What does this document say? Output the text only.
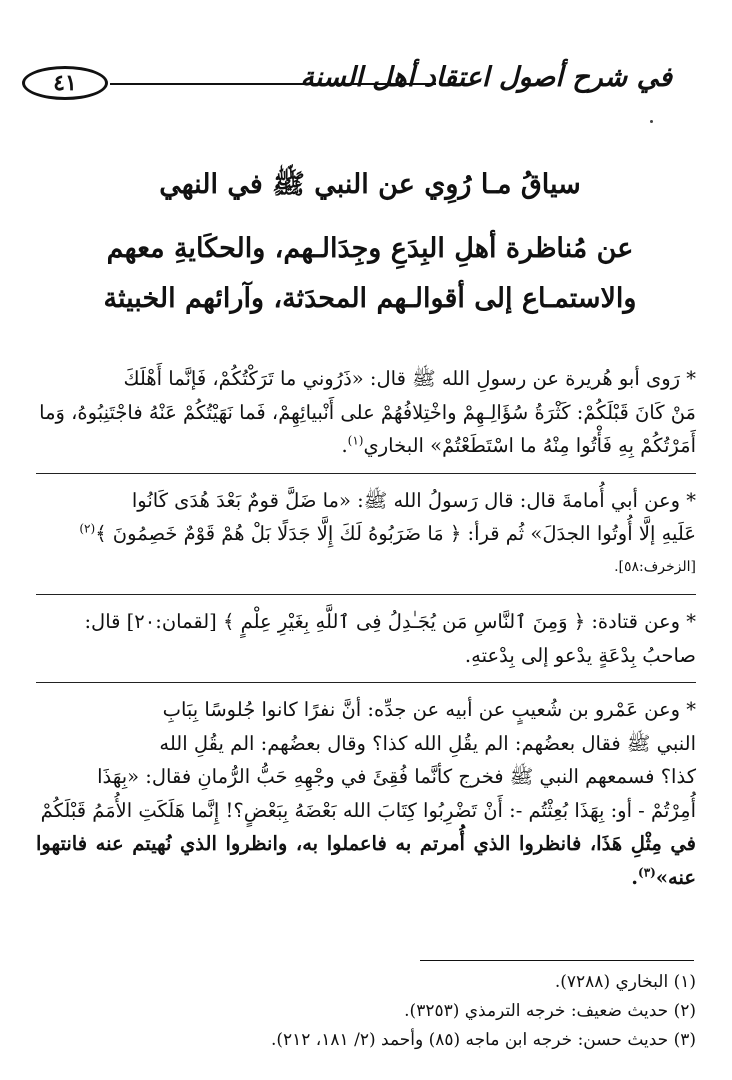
٤١	في شرح أصول اعتقاد أهل السنة
سياقُ مـا رُوِي عن النبي ﷺ في النهي
عن مُناظرة أهلِ البِدَعِ وجِدَالـهم، والحكَايةِ معهم
والاستمـاع إلى أقوالـهم المحدَثة، وآرائهم الخبيثة

* رَوى أبو هُريرة عن رسولِ الله ﷺ قال: «ذَرُوني ما تَرَكْتُكُمْ، فَإنَّما أَهْلَكَ

مَنْ كَانَ قَبْلَكُمْ: كَثْرَةُ سُؤَالِـهِمْ واخْتِلافُهُمْ على أَنْبيائِهِمْ، فَما نَهَيْتُكُمْ عَنْهُ فاجْتَنِبُوهُ، وَما

أَمَرْتُكُمْ بِهِ فَأْتُوا مِنْهُ ما اسْتَطَعْتُمْ» البخاري$^{(١)}$.

* وعن أبي أُمامةَ قال: قال رَسولُ الله ﷺ: «ما ضَلَّ قومٌ بَعْدَ هُدَى كَانُوا

عَلَيهِ إلَّا أُوتُوا الجدَلَ» ثُم قرأ: ﴿ مَا ضَرَبُوهُ لَكَ إِلَّا جَدَلًا بَلْ هُمْ قَوْمٌ خَصِمُونَ ﴾$^{(٢)}$

[الزخرف:٥٨].

* وعن قتادة: ﴿ وَمِنَ ٱلنَّاسِ مَن يُجَـٰدِلُ فِى ٱللَّهِ بِغَيْرِ عِلْمٍ ﴾ [لقمان:٢٠] قال:

صاحبُ بِدْعَةٍ يدْعو إلى بِدْعتهِ.

* وعن عَمْرو بن شُعيبٍ عن أبيه عن جدِّه: أنَّ نفرًا كانوا جُلوسًا بِبَابِ

النبي ﷺ فقال بعضُهم: الم يقُلِ الله كذا؟ وقال بعضُهم: الم يقُلِ الله

كذا؟ فسمعهم النبي ﷺ فخرج كأنَّما فُقِئَ في وجْهِهِ حَبُّ الرُّمانِ فقال: «بِهَذَا

أُمِرْتُمْ - أو: بِهَذَا بُعِثْتُم -: أَنْ تَضْرِبُوا كِتَابَ الله بَعْضَهُ بِبَعْضٍ؟! إِنَّما هَلَكَتِ الأُمَمُ قَبْلَكُمْ

في مِثْلِ هَذَا، فانظروا الذي أُمرتم به فاعملوا به، وانظروا الذي نُهيتم عنه فانتهوا عنه»$^{(٣)}$.

(١) البخاري (٧٢٨٨).
(٢) حديث ضعيف: خرجه الترمذي (٣٢٥٣).
(٣) حديث حسن: خرجه ابن ماجه (٨٥) وأحمد (٢/ ١٨١، ٢١٢).
